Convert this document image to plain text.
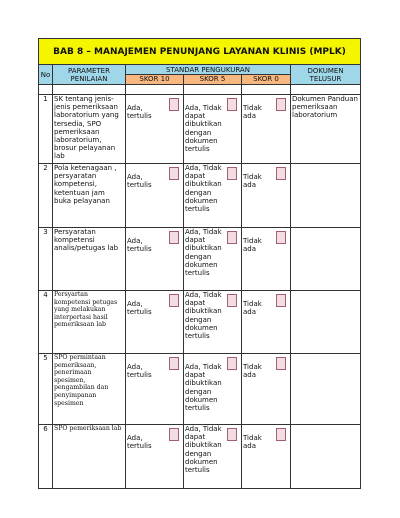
BAB 8 – MANAJEMEN PENUNJANG LAYANAN KLINIS (MPLK)					
No	PARAMETER PENILAIAN	STANDAR PENGUKURAN			DOKUMEN TELUSUR
		SKOR 10	SKOR 5	SKOR 0	

1	SK tentang jenis-jenis pemeriksaan laboratorium yang tersedia, SPO pemeriksaan laboratorium, brosur pelayanan lab	Ada, tertulis	Ada, Tidak dapat dibuktikan dengan dokumen tertulis	Tidak ada	Dokumen Panduan pemeriksaan laboratorium
2	Pola ketenagaan , persyaratan kompetensi, ketentuan jam buka pelayanan	Ada, tertulis	Ada, Tidak dapat dibuktikan dengan dokumen tertulis	Tidak ada	

3	Persyaratan kompetensi analis/petugas lab	Ada, tertulis	Ada, Tidak dapat dibuktikan dengan dokumen tertulis	Tidak ada	

4	Persyartan kompetensi petugas yang melakukan interpertasi hasil pemeriksaan lab	Ada, tertulis	Ada, Tidak dapat dibuktikan dengan dokumen tertulis	Tidak ada	

5	SPO permintaan pemeriksaan, penerimaan spesimen, pengambilan dan penyimpanan spesimen	Ada, tertulis	Ada, Tidak dapat dibuktikan dengan dokumen tertulis	Tidak ada	

6	SPO pemeriksaan lab	Ada, tertulis	Ada, Tidak dapat dibuktikan dengan dokumen tertulis	Tidak ada	
